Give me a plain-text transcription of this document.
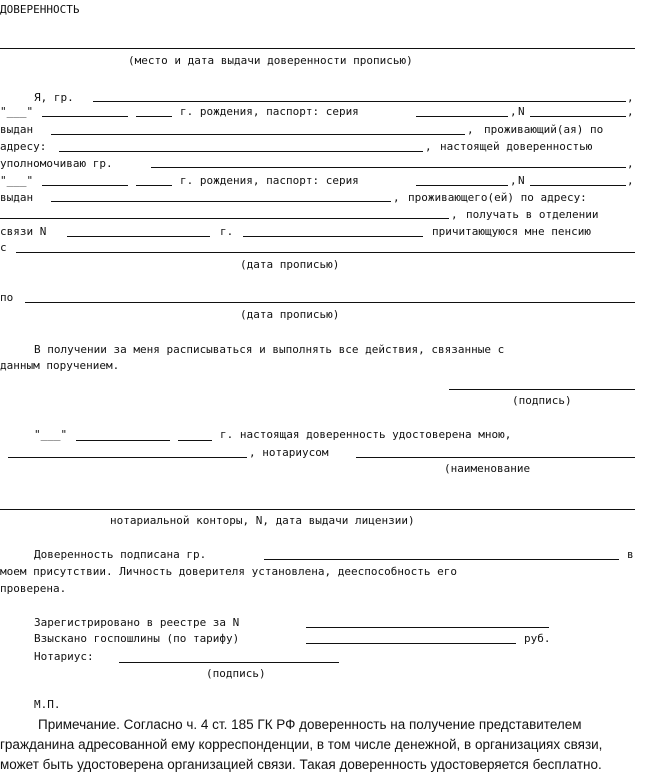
ДОВЕРЕННОСТЬ
(место и дата выдачи доверенности прописью)
Я, гр.	,
"___"	г. рождения, паспорт: серия	, N	,
выдан	, проживающий(ая) по
адресу:	, настоящей доверенностью
уполномочиваю гр.	,
"___"	г. рождения, паспорт: серия	, N	,
выдан	, проживающего(ей) по адресу:
, получать в отделении
связи N	г.	причитающуюся мне пенсию
с
(дата прописью)
по
(дата прописью)
В получении за меня расписываться и выполнять все действия, связанные с
данным поручением.
(подпись)
"___"	г. настоящая доверенность удостоверена мною,
, нотариусом
(наименование
нотариальной конторы, N, дата выдачи лицензии)
Доверенность подписана гр.	в
моем присутствии. Личность доверителя установлена, дееспособность его
проверена.
Зарегистрировано в реестре за N
Взыскано госпошлины (по тарифу)	руб.
Нотариус:
(подпись)
М.П.
Примечание. Согласно ч. 4 ст. 185 ГК РФ доверенность на получение представителем
гражданина адресованной ему корреспонденции, в том числе денежной, в организациях связи,
может быть удостоверена организацией связи. Такая доверенность удостоверяется бесплатно.
